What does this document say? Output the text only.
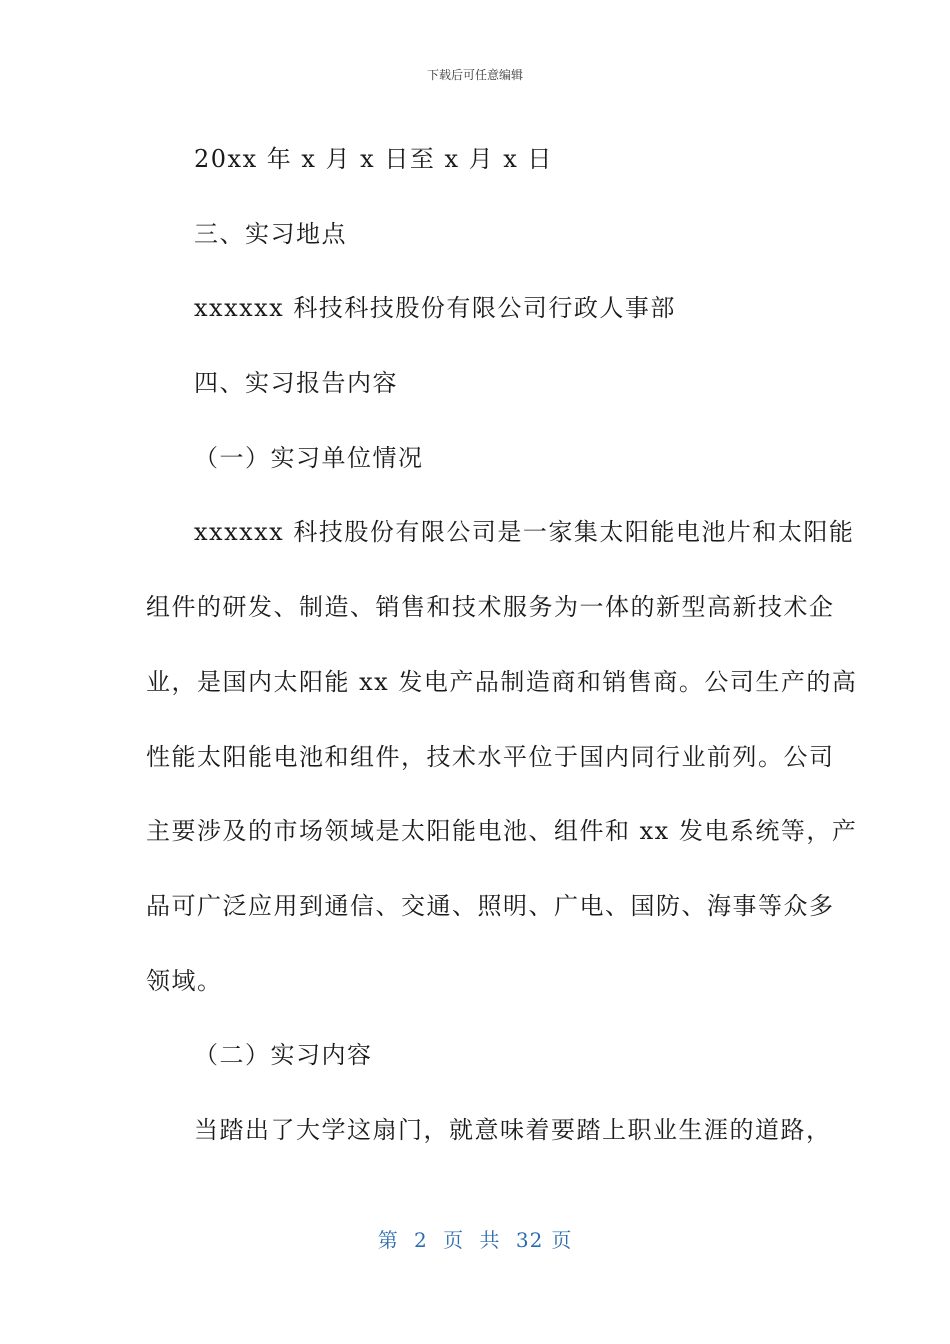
下载后可任意编辑
20xx 年 x 月 x 日至 x 月 x 日
三、实习地点
xxxxxx 科技科技股份有限公司行政人事部
四、实习报告内容
（一）实习单位情况
xxxxxx 科技股份有限公司是一家集太阳能电池片和太阳能
组件的研发、制造、销售和技术服务为一体的新型高新技术企
业，是国内太阳能 xx 发电产品制造商和销售商。公司生产的高
性能太阳能电池和组件，技术水平位于国内同行业前列。公司
主要涉及的市场领域是太阳能电池、组件和 xx 发电系统等，产
品可广泛应用到通信、交通、照明、广电、国防、海事等众多
领域。
（二）实习内容
当踏出了大学这扇门，就意味着要踏上职业生涯的道路，
第 2 页 共 32 页
